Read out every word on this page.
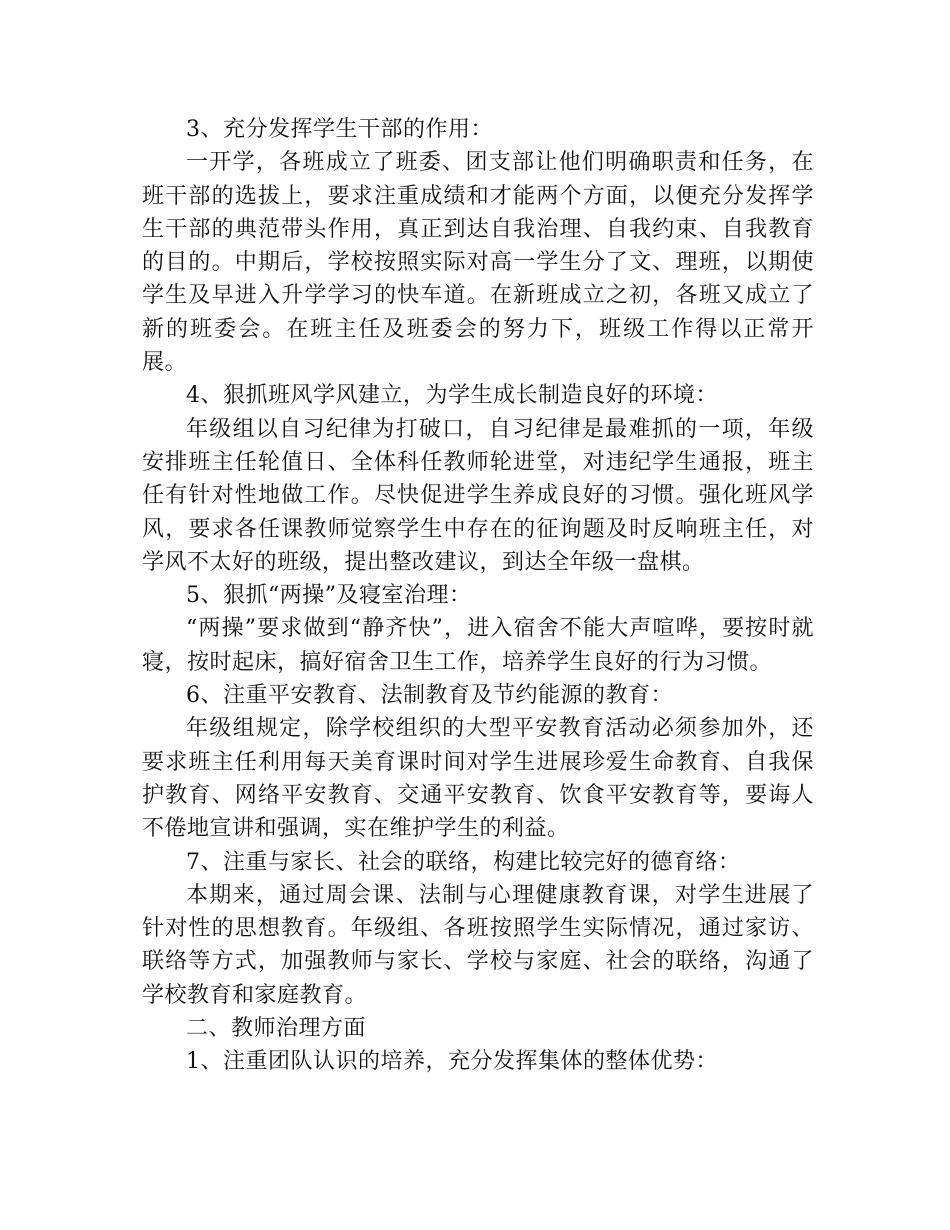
3、充分发挥学生干部的作用：

一开学，各班成立了班委、团支部让他们明确职责和任务，在班干部的选拔上，要求注重成绩和才能两个方面，以便充分发挥学生干部的典范带头作用，真正到达自我治理、自我约束、自我教育的目的。中期后，学校按照实际对高一学生分了文、理班，以期使学生及早进入升学学习的快车道。在新班成立之初，各班又成立了新的班委会。在班主任及班委会的努力下，班级工作得以正常开展。

4、狠抓班风学风建立，为学生成长制造良好的环境：

年级组以自习纪律为打破口，自习纪律是最难抓的一项，年级安排班主任轮值日、全体科任教师轮进堂，对违纪学生通报，班主任有针对性地做工作。尽快促进学生养成良好的习惯。强化班风学风，要求各任课教师觉察学生中存在的征询题及时反响班主任，对学风不太好的班级，提出整改建议，到达全年级一盘棋。

5、狠抓“两操”及寝室治理：

“两操”要求做到“静齐快”，进入宿舍不能大声喧哗，要按时就寝，按时起床，搞好宿舍卫生工作，培养学生良好的行为习惯。

6、注重平安教育、法制教育及节约能源的教育：

年级组规定，除学校组织的大型平安教育活动必须参加外，还要求班主任利用每天美育课时间对学生进展珍爱生命教育、自我保护教育、网络平安教育、交通平安教育、饮食平安教育等，要诲人不倦地宣讲和强调，实在维护学生的利益。

7、注重与家长、社会的联络，构建比较完好的德育络：

本期来，通过周会课、法制与心理健康教育课，对学生进展了针对性的思想教育。年级组、各班按照学生实际情况，通过家访、联络等方式，加强教师与家长、学校与家庭、社会的联络，沟通了学校教育和家庭教育。

二、教师治理方面

1、注重团队认识的培养，充分发挥集体的整体优势：
